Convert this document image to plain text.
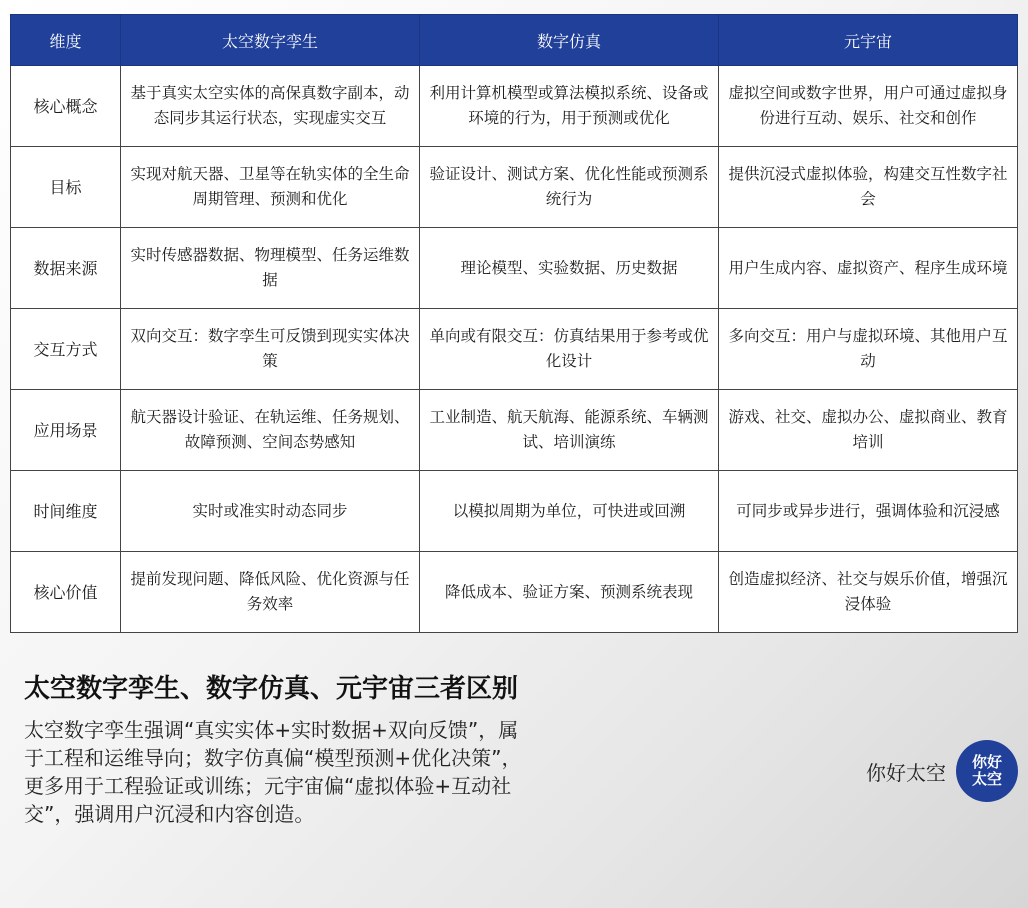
维度	太空数字孪生	数字仿真	元宇宙
核心概念	基于真实太空实体的高保真数字副本，动态同步其运行状态，实现虚实交互	利用计算机模型或算法模拟系统、设备或环境的行为，用于预测或优化	虚拟空间或数字世界，用户可通过虚拟身份进行互动、娱乐、社交和创作
目标	实现对航天器、卫星等在轨实体的全生命周期管理、预测和优化	验证设计、测试方案、优化性能或预测系统行为	提供沉浸式虚拟体验，构建交互性数字社会
数据来源	实时传感器数据、物理模型、任务运维数据	理论模型、实验数据、历史数据	用户生成内容、虚拟资产、程序生成环境
交互方式	双向交互：数字孪生可反馈到现实实体决策	单向或有限交互：仿真结果用于参考或优化设计	多向交互：用户与虚拟环境、其他用户互动
应用场景	航天器设计验证、在轨运维、任务规划、故障预测、空间态势感知	工业制造、航天航海、能源系统、车辆测试、培训演练	游戏、社交、虚拟办公、虚拟商业、教育培训
时间维度	实时或准实时动态同步	以模拟周期为单位，可快进或回溯	可同步或异步进行，强调体验和沉浸感
核心价值	提前发现问题、降低风险、优化资源与任务效率	降低成本、验证方案、预测系统表现	创造虚拟经济、社交与娱乐价值，增强沉浸体验
太空数字孪生、数字仿真、元宇宙三者区别
太空数字孪生强调“真实实体+实时数据+双向反馈”，属于工程和运维导向；数字仿真偏“模型预测+优化决策”，更多用于工程验证或训练；元宇宙偏“虚拟体验+互动社交”，强调用户沉浸和内容创造。
你好太空 你好
太空
